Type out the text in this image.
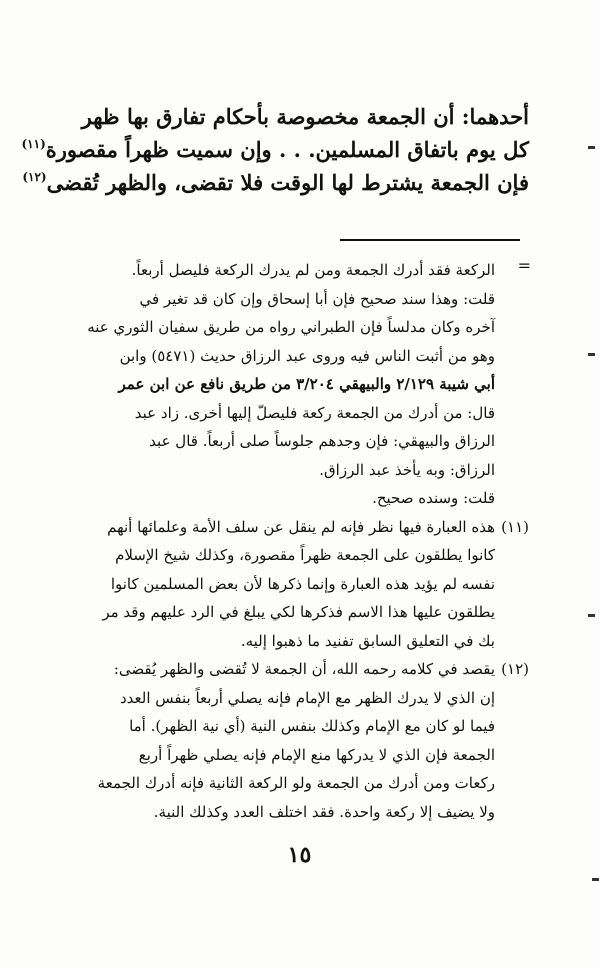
أحدهما: أن الجمعة مخصوصة بأحكام تفارق بها ظهر

كل يوم باتفاق المسلمين. . . وإن سميت ظهراً مقصورة$^{(١١)}$

فإن الجمعة يشترط لها الوقت فلا تقضى، والظهر تُقضى$^{(١٢)}$

=

الركعة فقد أدرك الجمعة ومن لم يدرك الركعة فليصل أربعاً.

قلت: وهذا سند صحيح فإن أبا إسحاق وإن كان قد تغير في

آخره وكان مدلساً فإن الطبراني رواه من طريق سفيان الثوري عنه

وهو من أثبت الناس فيه وروى عبد الرزاق حديث (٥٤٧١) وابن

أبي شيبة ٢/١٢٩ والبيهقي ٣/٢٠٤ من طريق نافع عن ابن عمر

قال: من أدرك من الجمعة ركعة فليصلّ إليها أخرى. زاد عبد

الرزاق والبيهقي: فإن وجدهم جلوساً صلى أربعاً. قال عبد

الرزاق: وبه يأخذ عبد الرزاق.

قلت: وسنده صحيح.

(١١)هذه العبارة فيها نظر فإنه لم ينقل عن سلف الأمة وعلمائها أنهم

كانوا يطلقون على الجمعة ظهراً مقصورة، وكذلك شيخ الإسلام

نفسه لم يؤيد هذه العبارة وإنما ذكرها لأن بعض المسلمين كانوا

يطلقون عليها هذا الاسم فذكرها لكي يبلغ في الرد عليهم وقد مر

بك في التعليق السابق تفنيد ما ذهبوا إليه.

(١٢)يقصد في كلامه رحمه الله، أن الجمعة لا تُقضى والظهر يُقضى:

إن الذي لا يدرك الظهر مع الإمام فإنه يصلي أربعاً بنفس العدد

فيما لو كان مع الإمام وكذلك بنفس النية (أي نية الظهر). أما

الجمعة فإن الذي لا يدركها منع الإمام فإنه يصلي ظهراً أربع

ركعات ومن أدرك من الجمعة ولو الركعة الثانية فإنه أدرك الجمعة

ولا يضيف إلا ركعة واحدة. فقد اختلف العدد وكذلك النية.

١٥
